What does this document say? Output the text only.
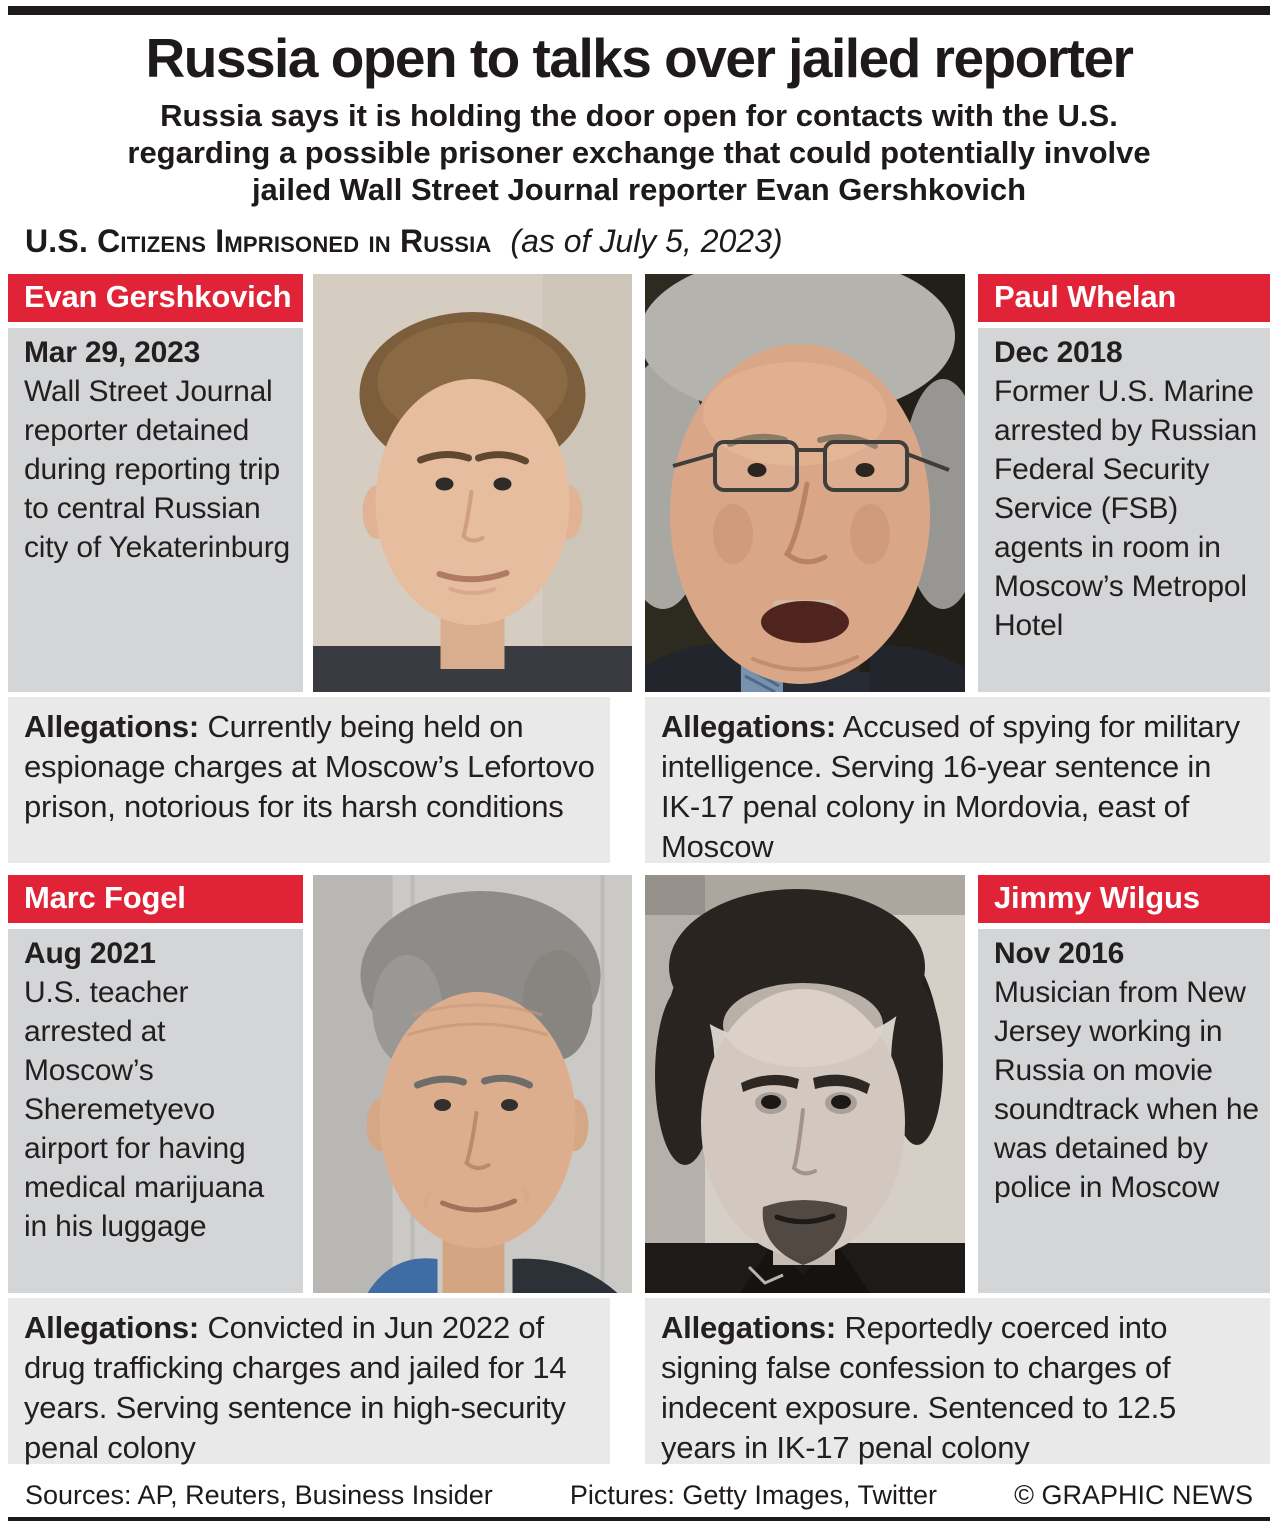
Russia open to talks over jailed reporter
Russia says it is holding the door open for contacts with the U.S.
regarding a possible prisoner exchange that could potentially involve
jailed Wall Street Journal reporter Evan Gershkovich
U.S. Citizens Imprisoned in Russia (as of July 5, 2023)
Evan Gershkovich
Mar 29, 2023
Wall Street Journal reporter detained during reporting trip to central Russian city of Yekaterinburg
Paul Whelan
Dec 2018
Former U.S. Marine arrested by Russian Federal Security Service (FSB) agents in room in Moscow’s Metropol Hotel
Allegations: Currently being held on espionage charges at Moscow’s Lefortovo prison, notorious for its harsh conditions
Allegations: Accused of spying for military intelligence. Serving 16-year sentence in IK-17 penal colony in Mordovia, east of Moscow
Marc Fogel
Aug 2021
U.S. teacher arrested at Moscow’s Sheremetyevo airport for having medical marijuana in his luggage
Jimmy Wilgus
Nov 2016
Musician from New Jersey working in Russia on movie soundtrack when he was detained by police in Moscow
Allegations: Convicted in Jun 2022 of drug trafficking charges and jailed for 14 years. Serving sentence in high-security penal colony
Allegations: Reportedly coerced into signing false confession to charges of indecent exposure. Sentenced to 12.5 years in IK-17 penal colony
Sources: AP, Reuters, Business Insider	Pictures: Getty Images, Twitter	© GRAPHIC NEWS
